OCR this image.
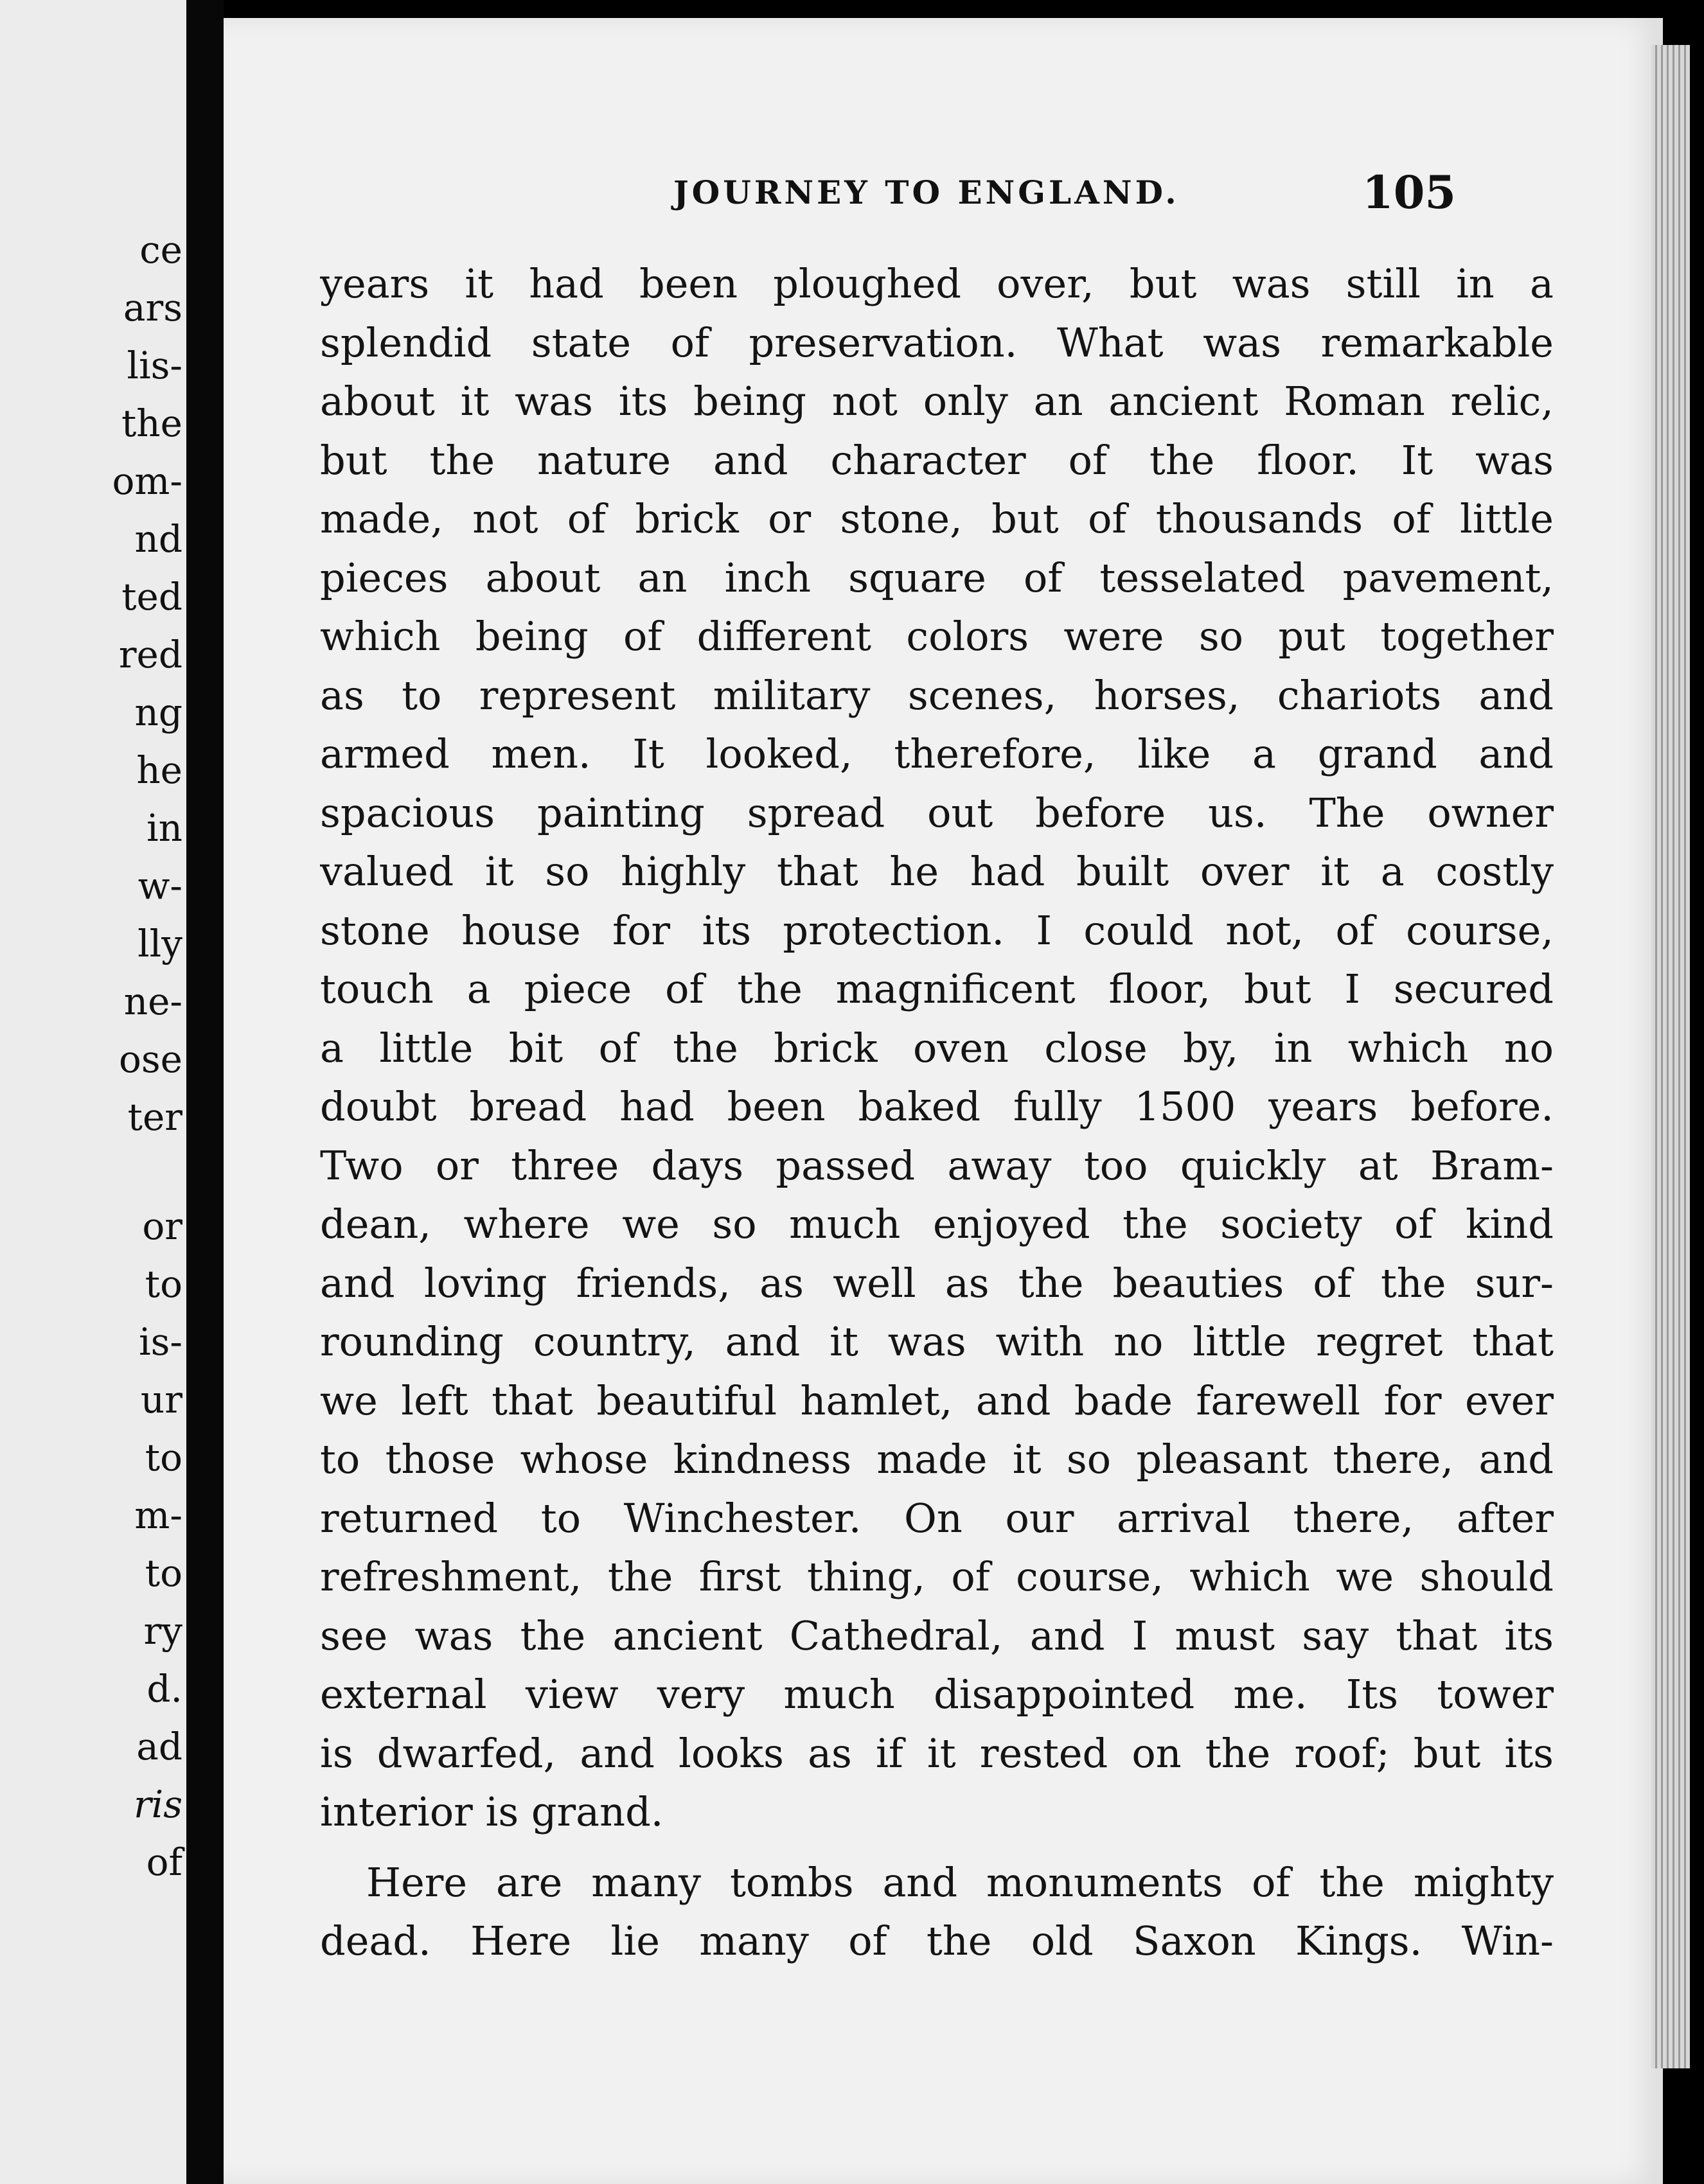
ce
ars
lis-
the
om-
nd
ted
red
ng
he
in
w-
lly
ne-
ose
ter
or
to
is-
ur
to
m-
to
ry
d.
ad
ris
of
JOURNEY TO ENGLAND.	105
years it had been ploughed over, but was still in a
splendid state of preservation. What was remarkable
about it was its being not only an ancient Roman relic,
but the nature and character of the floor. It was
made, not of brick or stone, but of thousands of little
pieces about an inch square of tesselated pavement,
which being of different colors were so put together
as to represent military scenes, horses, chariots and
armed men. It looked, therefore, like a grand and
spacious painting spread out before us. The owner
valued it so highly that he had built over it a costly
stone house for its protection. I could not, of course,
touch a piece of the magnificent floor, but I secured
a little bit of the brick oven close by, in which no
doubt bread had been baked fully 1500 years before.
Two or three days passed away too quickly at Bram-
dean, where we so much enjoyed the society of kind
and loving friends, as well as the beauties of the sur-
rounding country, and it was with no little regret that
we left that beautiful hamlet, and bade farewell for ever
to those whose kindness made it so pleasant there, and
returned to Winchester. On our arrival there, after
refreshment, the first thing, of course, which we should
see was the ancient Cathedral, and I must say that its
external view very much disappointed me. Its tower
is dwarfed, and looks as if it rested on the roof; but its
interior is grand.
Here are many tombs and monuments of the mighty
dead. Here lie many of the old Saxon Kings. Win-
